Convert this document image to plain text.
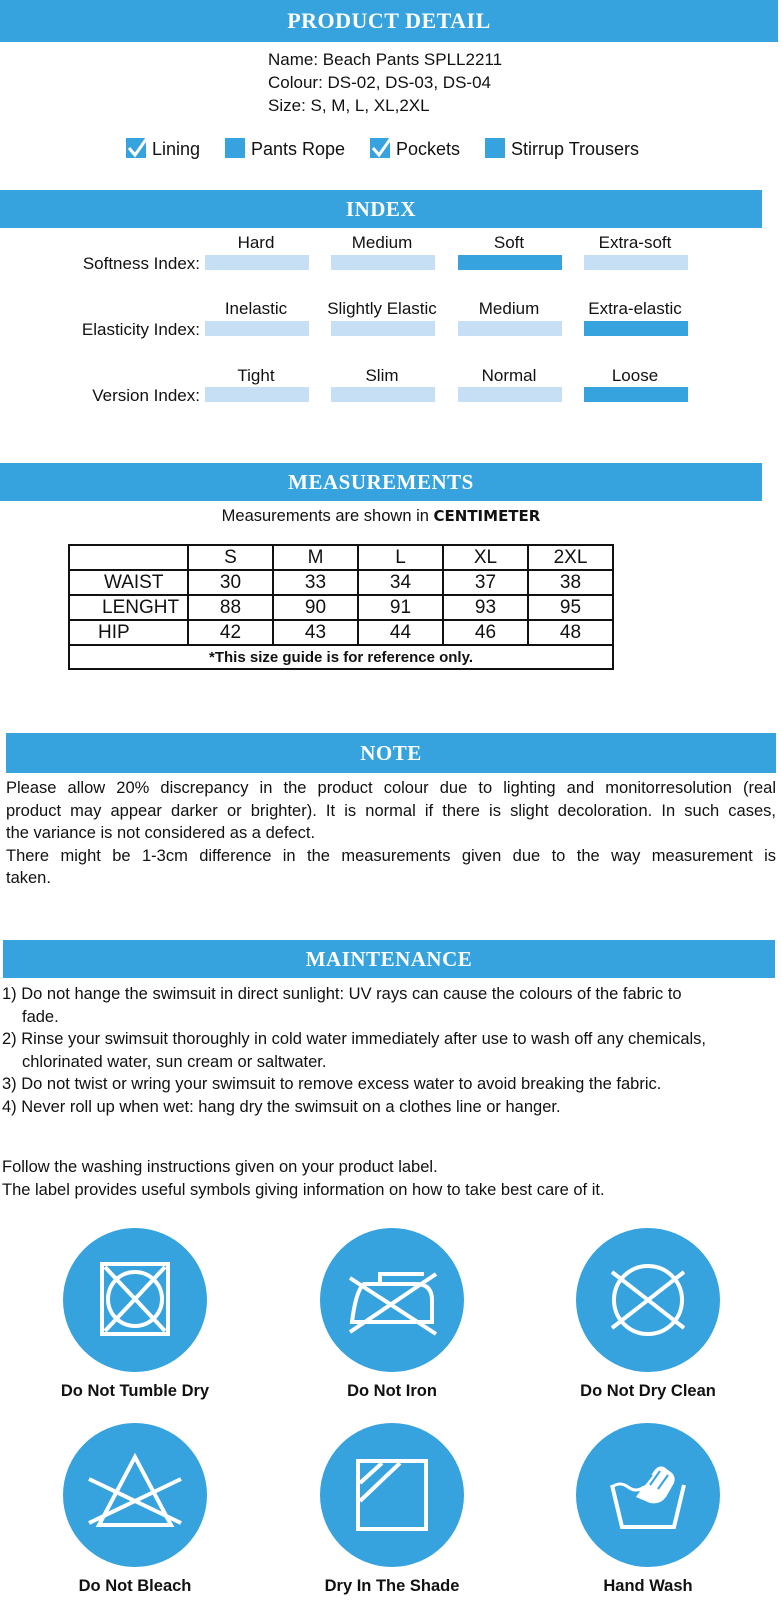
PRODUCT DETAIL
Name: Beach Pants SPLL2211
Colour: DS-02, DS-03, DS-04
Size: S, M, L, XL,2XL
Lining	Pants Rope	Pockets	Stirrup Trousers
INDEX
Softness Index:
Hard	Medium	Soft	Extra-soft
Elasticity Index:
Inelastic	Slightly Elastic	Medium	Extra-elastic
Version Index:
Tight	Slim	Normal	Loose
MEASUREMENTS
Measurements are shown in CENTIMETER
	S	M	L	XL	2XL
WAIST	30	33	34	37	38
LENGHT	88	90	91	93	95
HIP	42	43	44	46	48
*This size guide is for reference only.					
NOTE
Please allow 20% discrepancy in the product colour due to lighting and monitorresolution (real
product may appear darker or brighter). It is normal if there is slight decoloration. In such cases,
the variance is not considered as a defect.
There might be 1-3cm difference in the measurements given due to the way measurement is
taken.
MAINTENANCE
1) Do not hange the swimsuit in direct sunlight: UV rays can cause the colours of the fabric to
fade.
2) Rinse your swimsuit thoroughly in cold water immediately after use to wash off any chemicals,
chlorinated water, sun cream or saltwater.
3) Do not twist or wring your swimsuit to remove excess water to avoid breaking the fabric.
4) Never roll up when wet: hang dry the swimsuit on a clothes line or hanger.
Follow the washing instructions given on your product label.
The label provides useful symbols giving information on how to take best care of it.
Do Not Tumble Dry	Do Not Iron	Do Not Dry Clean
Do Not Bleach	Dry In The Shade	Hand Wash
